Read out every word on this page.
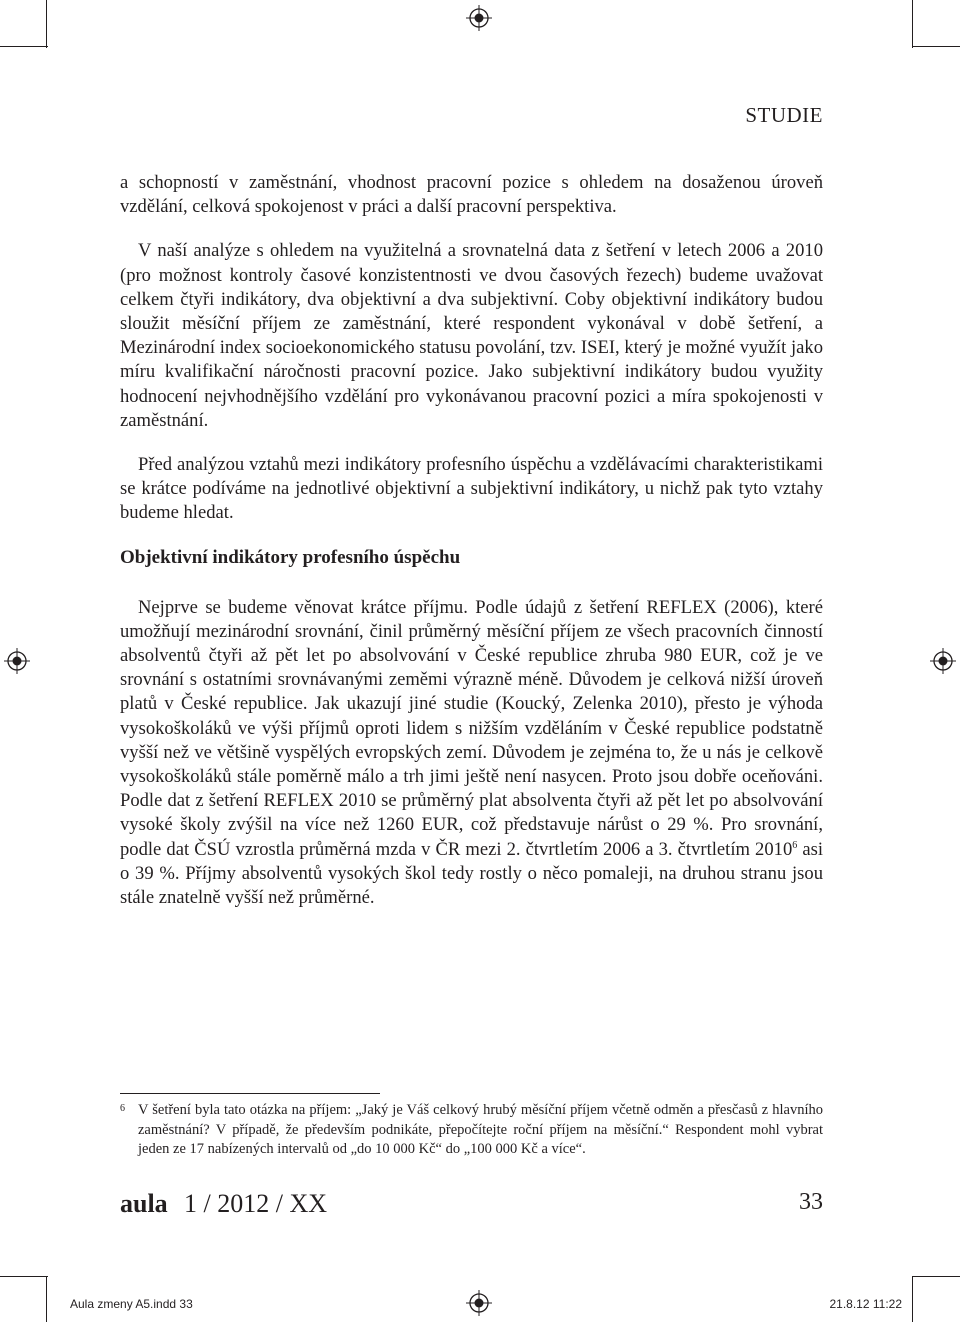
STUDIE

a schopností v zaměstnání, vhodnost pracovní pozice s ohledem na dosaženou úroveň vzdělání, celková spokojenost v práci a další pracovní perspektiva.

V naší analýze s ohledem na využitelná a srovnatelná data z šetření v letech 2006 a 2010 (pro možnost kontroly časové konzistentnosti ve dvou časových řezech) budeme uvažovat celkem čtyři indikátory, dva objektivní a dva subjektivní. Coby objektivní indikátory budou sloužit měsíční příjem ze zaměstnání, které respondent vykonával v době šetření, a Mezinárodní index socioekonomického statusu povolání, tzv. ISEI, který je možné využít jako míru kvalifikační náročnosti pracovní pozice. Jako subjektivní indikátory budou využity hodnocení nejvhodnějšího vzdělání pro vykonávanou pracovní pozici a míra spokojenosti v zaměstnání.

Před analýzou vztahů mezi indikátory profesního úspěchu a vzdělávacími charakteristikami se krátce podíváme na jednotlivé objektivní a subjektivní indikátory, u nichž pak tyto vztahy budeme hledat.

Objektivní indikátory profesního úspěchu

Nejprve se budeme věnovat krátce příjmu. Podle údajů z šetření REFLEX (2006), které umožňují mezinárodní srovnání, činil průměrný měsíční příjem ze všech pracovních činností absolventů čtyři až pět let po absolvování v České republice zhruba 980 EUR, což je ve srovnání s ostatními srovnávanými zeměmi výrazně méně. Důvodem je celková nižší úroveň platů v České republice. Jak ukazují jiné studie (Koucký, Zelenka 2010), přesto je výhoda vysokoškoláků ve výši příjmů oproti lidem s nižším vzděláním v České republice podstatně vyšší než ve většině vyspělých evropských zemí. Důvodem je zejména to, že u nás je celkově vysokoškoláků stále poměrně málo a trh jimi ještě není nasycen. Proto jsou dobře oceňováni. Podle dat z šetření REFLEX 2010 se průměrný plat absolventa čtyři až pět let po absolvování vysoké školy zvýšil na více než 1260 EUR, což představuje nárůst o 29 %. Pro srovnání, podle dat ČSÚ vzrostla průměrná mzda v ČR mezi 2. čtvrtletím 2006 a 3. čtvrtletím 2010$^6$ asi o 39 %. Příjmy absolventů vysokých škol tedy rostly o něco pomaleji, na druhou stranu jsou stále znatelně vyšší než průměrné.

6 V šetření byla tato otázka na příjem: „Jaký je Váš celkový hrubý měsíční příjem včetně odměn a přesčasů z hlavního zaměstnání? V případě, že především podnikáte, přepočítejte roční příjem na měsíční.“ Respondent mohl vybrat jeden ze 17 nabízených intervalů od „do 10 000 Kč“ do „100 000 Kč a více“.
aula 1 / 2012 / XX	33
Aula zmeny A5.indd 33	21.8.12 11:22
